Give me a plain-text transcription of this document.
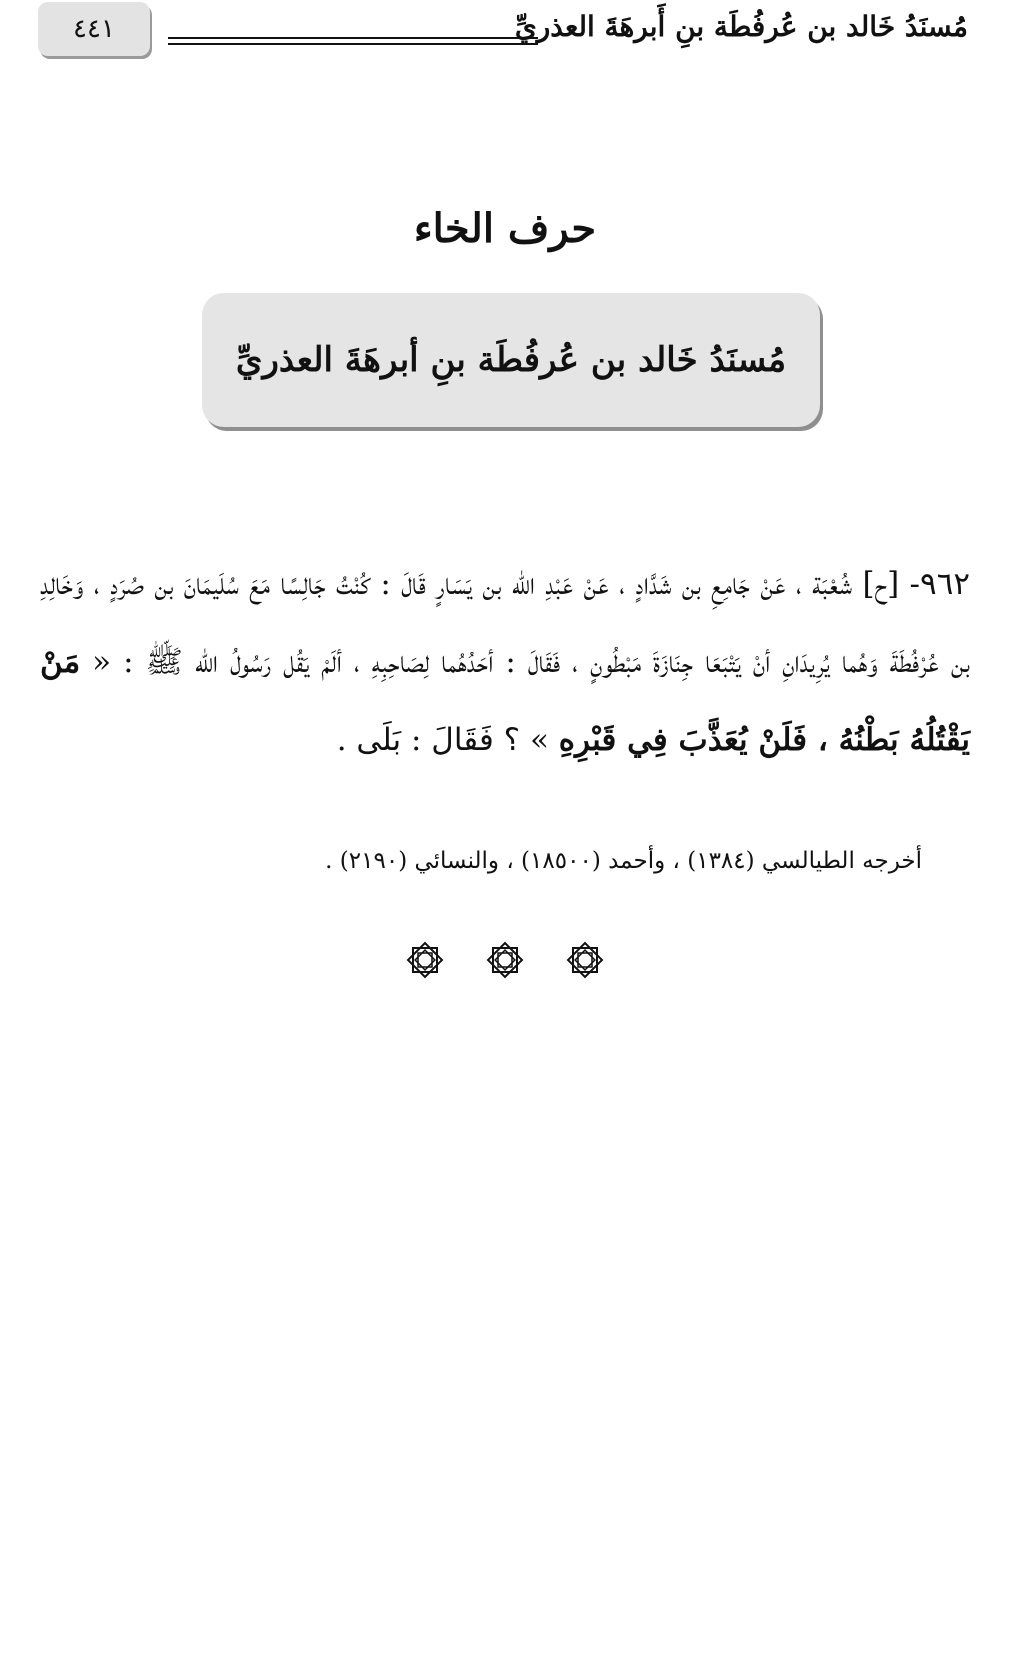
٤٤١	مُسنَدُ خَالد بن عُرفُطَة بنِ أَبرهَةَ العذريِّ
حرف الخاء
مُسنَدُ خَالد بن عُرفُطَة بنِ أبرهَةَ العذريِّ
٩٦٢- [ح] شُعْبَة ، عَنْ جَامِعِ بن شَدَّادٍ ، عَنْ عَبْدِ الله بن يَسَارٍ قَالَ : كُنْتُ جَالِسًا مَعَ سُلَيمَانَ بن صُرَدٍ ، وَخَالِدِ بن عُرْفُطَةَ وَهُما يُرِيدَانِ أنْ يَتْبَعَا جِنَازَةَ مَبْطُونٍ ، فَقَالَ : أحَدُهُما لِصَاحِبِهِ ، ألَمْ يَقُل رَسُولُ الله ﷺ : « مَنْ يَقْتُلُهُ بَطْنُهُ ، فَلَنْ يُعَذَّبَ فِي قَبْرِهِ » ؟ فَقَالَ : بَلَى .
أخرجه الطيالسي (١٣٨٤) ، وأحمد (١٨٥٠٠) ، والنسائي (٢١٩٠) .
